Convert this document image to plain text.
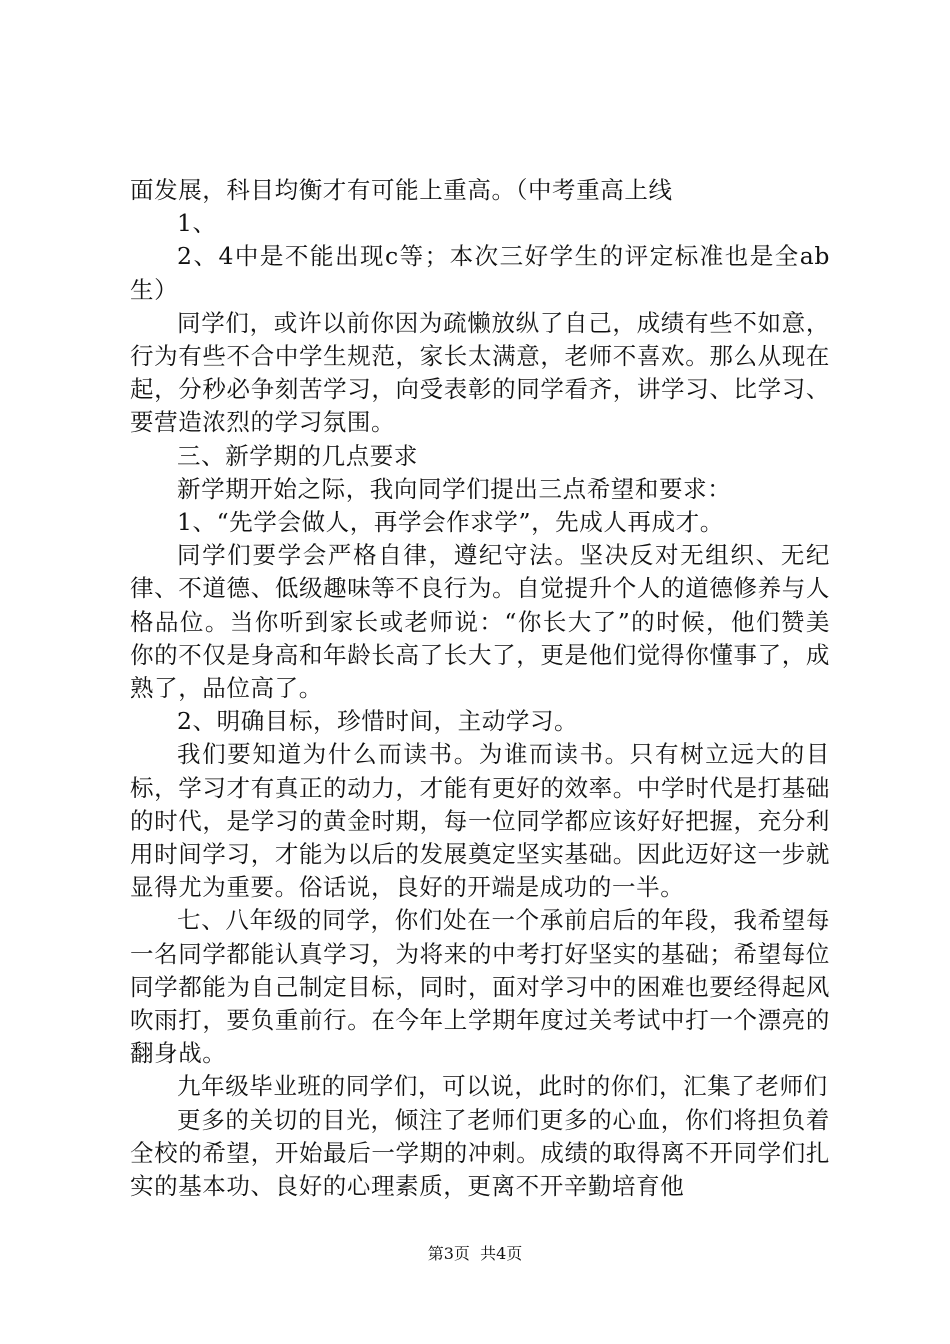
面发展，科目均衡才有可能上重高。（中考重高上线

1、

2、4中是不能出现c等；本次三好学生的评定标准也是全ab生）

同学们，或许以前你因为疏懒放纵了自己，成绩有些不如意，行为有些不合中学生规范，家长太满意，老师不喜欢。那么从现在起，分秒必争刻苦学习，向受表彰的同学看齐，讲学习、比学习、要营造浓烈的学习氛围。

三、新学期的几点要求

新学期开始之际，我向同学们提出三点希望和要求：

1、“先学会做人，再学会作求学”，先成人再成才。

同学们要学会严格自律，遵纪守法。坚决反对无组织、无纪律、不道德、低级趣味等不良行为。自觉提升个人的道德修养与人格品位。当你听到家长或老师说：“你长大了”的时候，他们赞美你的不仅是身高和年龄长高了长大了，更是他们觉得你懂事了，成熟了，品位高了。

2、明确目标，珍惜时间，主动学习。

我们要知道为什么而读书。为谁而读书。只有树立远大的目标，学习才有真正的动力，才能有更好的效率。中学时代是打基础的时代，是学习的黄金时期，每一位同学都应该好好把握，充分利用时间学习，才能为以后的发展奠定坚实基础。因此迈好这一步就显得尤为重要。俗话说，良好的开端是成功的一半。

七、八年级的同学，你们处在一个承前启后的年段，我希望每一名同学都能认真学习，为将来的中考打好坚实的基础；希望每位同学都能为自己制定目标，同时，面对学习中的困难也要经得起风吹雨打，要负重前行。在今年上学期年度过关考试中打一个漂亮的翻身战。

九年级毕业班的同学们，可以说，此时的你们，汇集了老师们

更多的关切的目光，倾注了老师们更多的心血，你们将担负着全校的希望，开始最后一学期的冲刺。成绩的取得离不开同学们扎实的基本功、良好的心理素质，更离不开辛勤培育他

第3页 共4页
